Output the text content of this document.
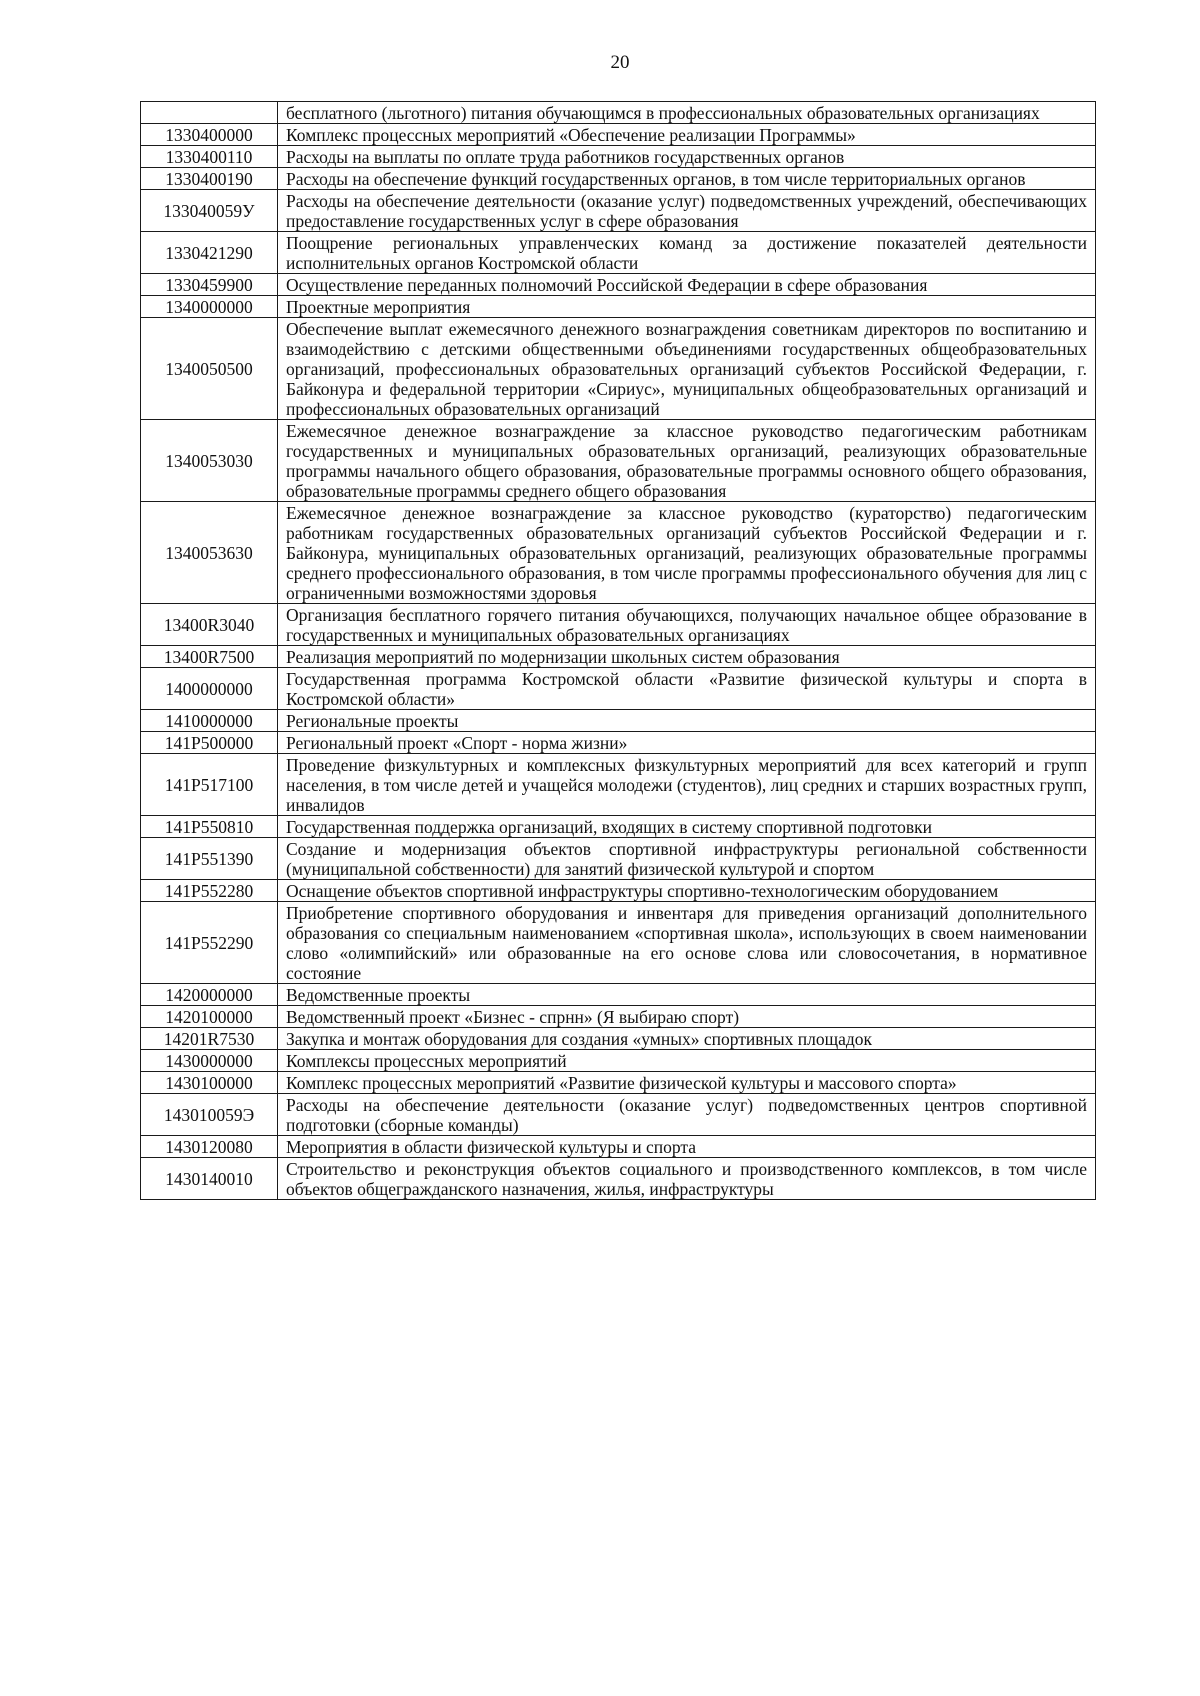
20
	бесплатного (льготного) питания обучающимся в профессиональных образовательных организациях
1330400000	Комплекс процессных мероприятий «Обеспечение реализации Программы»
1330400110	Расходы на выплаты по оплате труда работников государственных органов
1330400190	Расходы на обеспечение функций государственных органов, в том числе территориальных органов
133040059У	Расходы на обеспечение деятельности (оказание услуг) подведомственных учреждений, обеспечивающих предоставление государственных услуг в сфере образования
1330421290	Поощрение региональных управленческих команд за достижение показателей деятельности исполнительных органов Костромской области
1330459900	Осуществление переданных полномочий Российской Федерации в сфере образования
1340000000	Проектные мероприятия
1340050500	Обеспечение выплат ежемесячного денежного вознаграждения советникам директоров по воспитанию и взаимодействию с детскими общественными объединениями государственных общеобразовательных организаций, профессиональных образовательных организаций субъектов Российской Федерации, г. Байконура и федеральной территории «Сириус», муниципальных общеобразовательных организаций и профессиональных образовательных организаций
1340053030	Ежемесячное денежное вознаграждение за классное руководство педагогическим работникам государственных и муниципальных образовательных организаций, реализующих образовательные программы начального общего образования, образовательные программы основного общего образования, образовательные программы среднего общего образования
1340053630	Ежемесячное денежное вознаграждение за классное руководство (кураторство) педагогическим работникам государственных образовательных организаций субъектов Российской Федерации и г. Байконура, муниципальных образовательных организаций, реализующих образовательные программы среднего профессионального образования, в том числе программы профессионального обучения для лиц с ограниченными возможностями здоровья
13400R3040	Организация бесплатного горячего питания обучающихся, получающих начальное общее образование в государственных и муниципальных образовательных организациях
13400R7500	Реализация мероприятий по модернизации школьных систем образования
1400000000	Государственная программа Костромской области «Развитие физической культуры и спорта в Костромской области»
1410000000	Региональные проекты
141P500000	Региональный проект «Спорт - норма жизни»
141P517100	Проведение физкультурных и комплексных физкультурных мероприятий для всех категорий и групп населения, в том числе детей и учащейся молодежи (студентов), лиц средних и старших возрастных групп, инвалидов
141P550810	Государственная поддержка организаций, входящих в систему спортивной подготовки
141P551390	Создание и модернизация объектов спортивной инфраструктуры региональной собственности (муниципальной собственности) для занятий физической культурой и спортом
141P552280	Оснащение объектов спортивной инфраструктуры спортивно-технологическим оборудованием
141P552290	Приобретение спортивного оборудования и инвентаря для приведения организаций дополнительного образования со специальным наименованием «спортивная школа», использующих в своем наименовании слово «олимпийский» или образованные на его основе слова или словосочетания, в нормативное состояние
1420000000	Ведомственные проекты
1420100000	Ведомственный проект «Бизнес - спрнн» (Я выбираю спорт)
14201R7530	Закупка и монтаж оборудования для создания «умных» спортивных площадок
1430000000	Комплексы процессных мероприятий
1430100000	Комплекс процессных мероприятий «Развитие физической культуры и массового спорта»
143010059Э	Расходы на обеспечение деятельности (оказание услуг) подведомственных центров спортивной подготовки (сборные команды)
1430120080	Мероприятия в области физической культуры и спорта
1430140010	Строительство и реконструкция объектов социального и производственного комплексов, в том числе объектов общегражданского назначения, жилья, инфраструктуры
